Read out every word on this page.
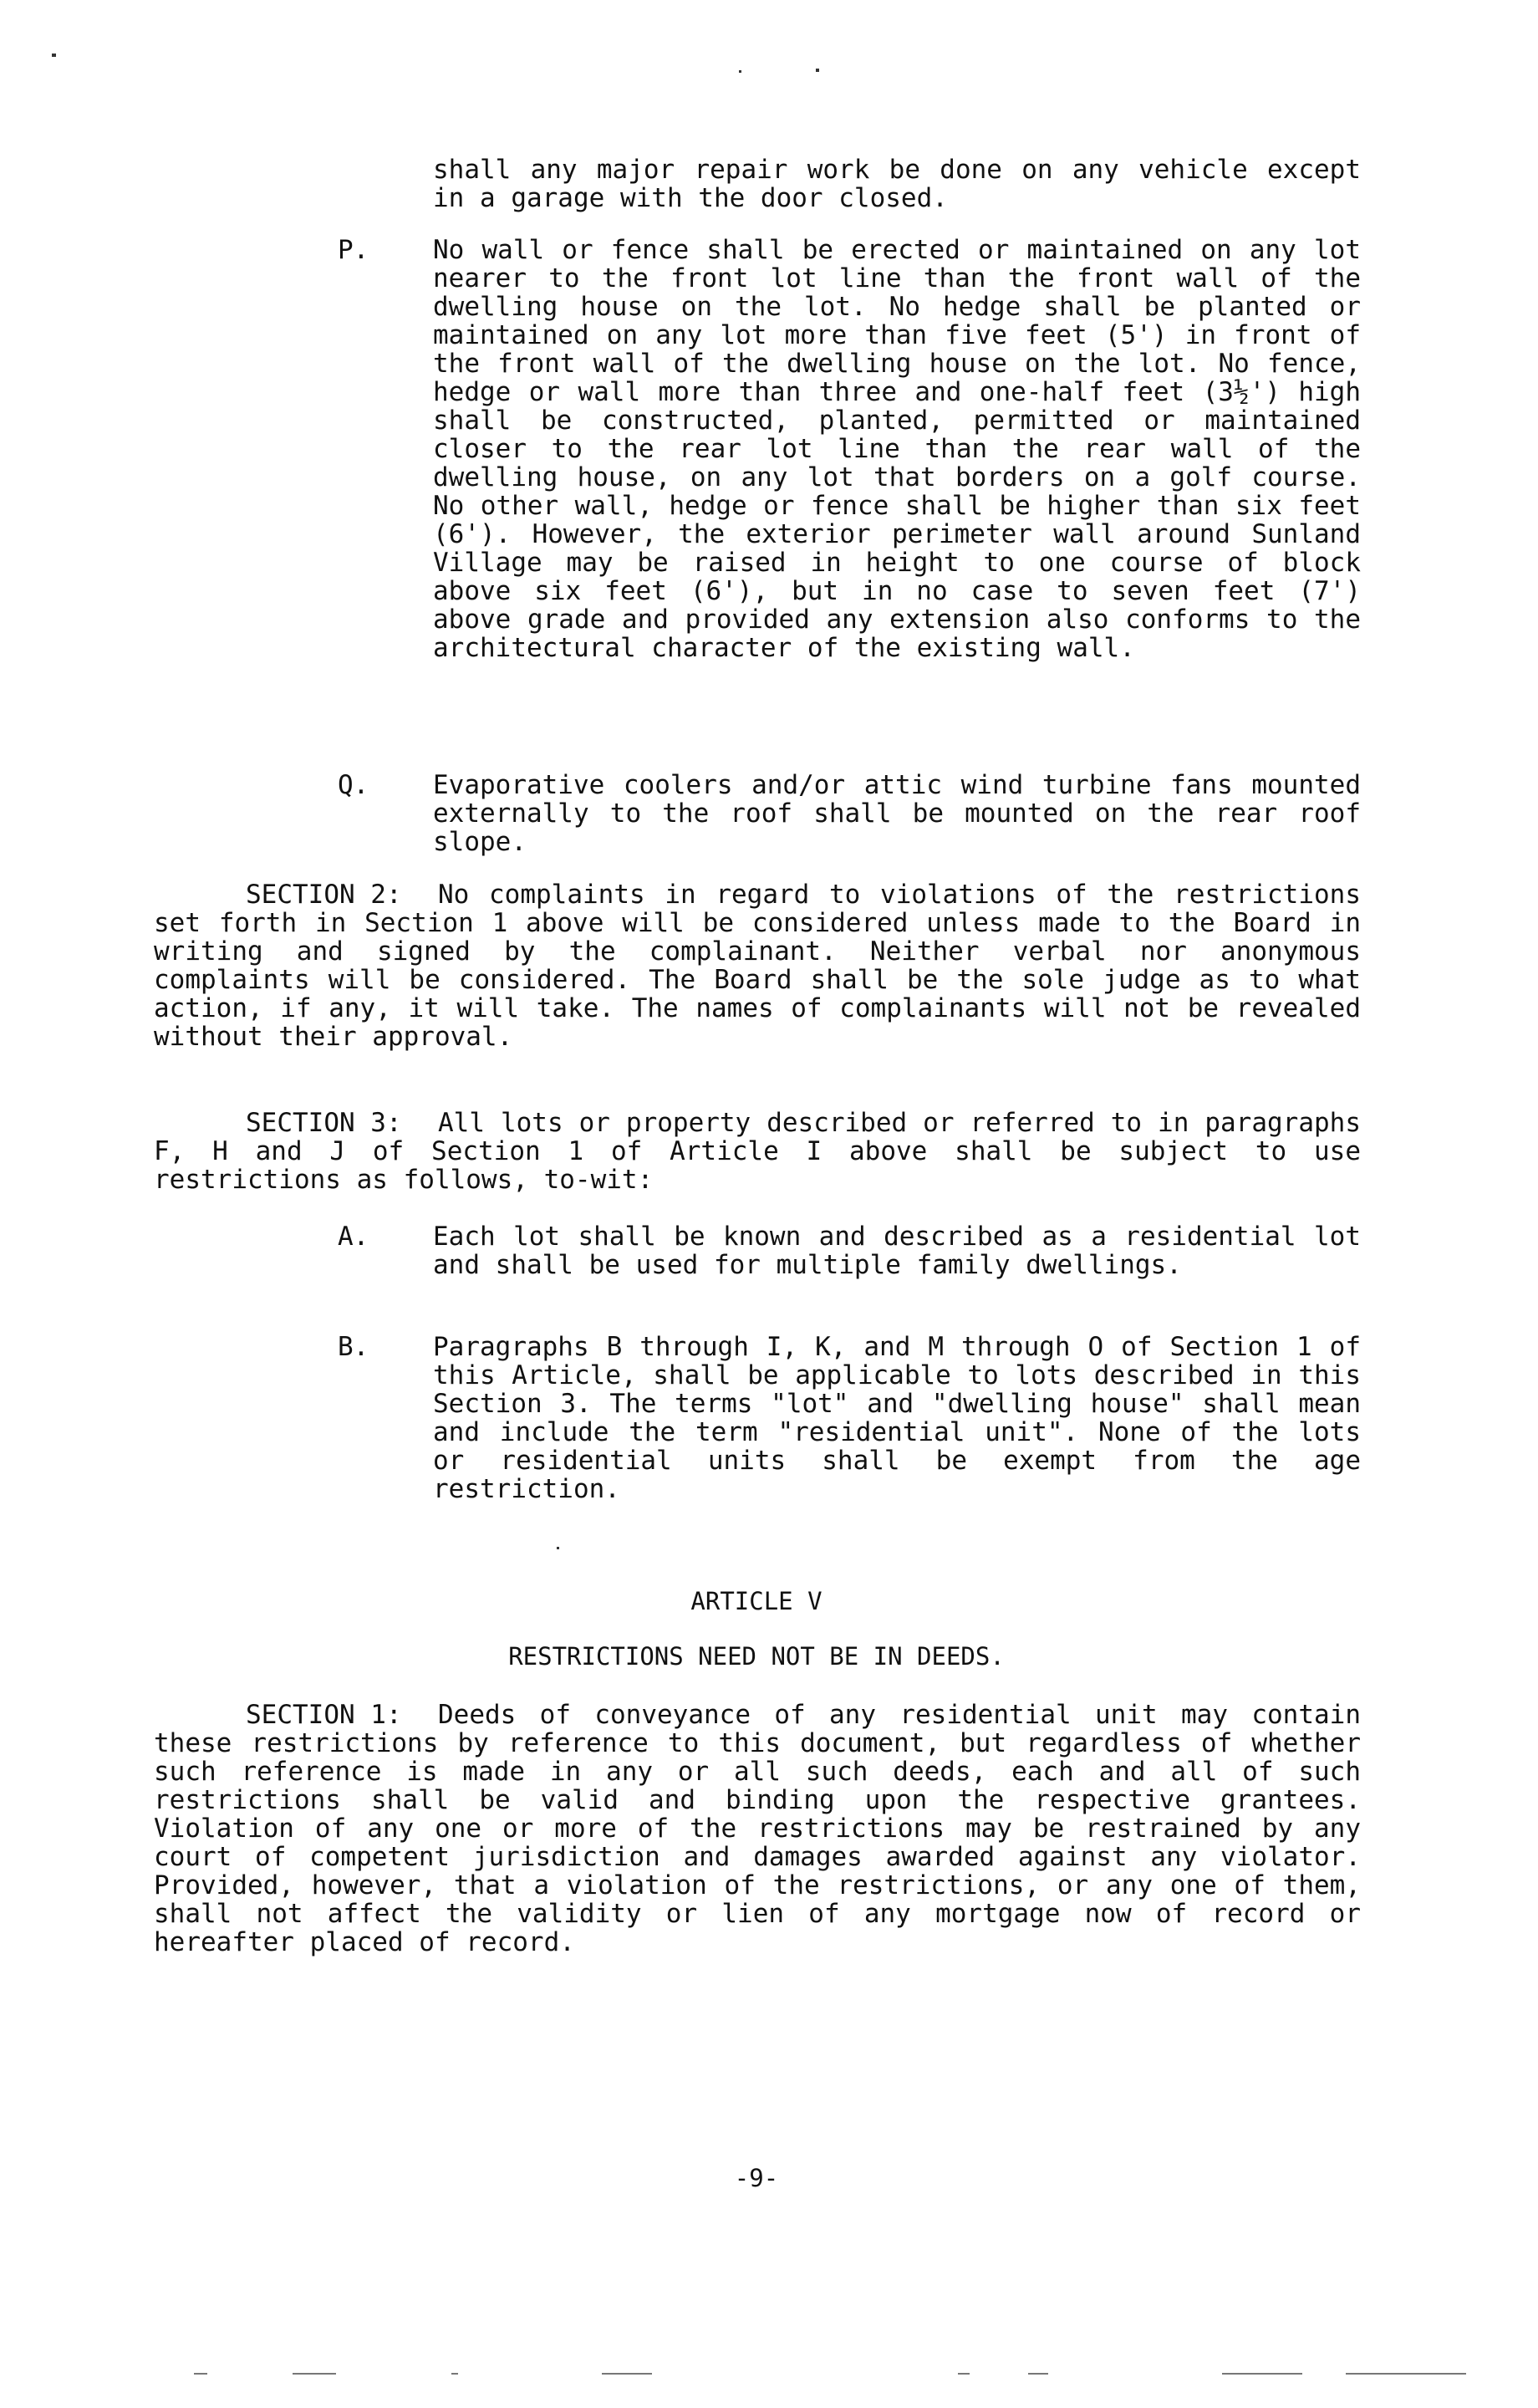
shall any major repair work be done on any vehicle except in a garage with the door closed.
P. No wall or fence shall be erected or maintained on any lot nearer to the front lot line than the front wall of the dwelling house on the lot. No hedge shall be planted or maintained on any lot more than five feet (5') in front of the front wall of the dwelling house on the lot. No fence, hedge or wall more than three and one-half feet (3½') high shall be constructed, planted, permitted or maintained closer to the rear lot line than the rear wall of the dwelling house, on any lot that borders on a golf course. No other wall, hedge or fence shall be higher than six feet (6'). However, the exterior perimeter wall around Sunland Village may be raised in height to one course of block above six feet (6'), but in no case to seven feet (7') above grade and provided any extension also conforms to the architectural character of the existing wall.
Q. Evaporative coolers and/or attic wind turbine fans mounted externally to the roof shall be mounted on the rear roof slope.
SECTION 2: No complaints in regard to violations of the restrictions set forth in Section 1 above will be considered unless made to the Board in writing and signed by the complainant. Neither verbal nor anonymous complaints will be considered. The Board shall be the sole judge as to what action, if any, it will take. The names of complainants will not be revealed without their approval.
SECTION 3: All lots or property described or referred to in paragraphs F, H and J of Section 1 of Article I above shall be subject to use restrictions as follows, to-wit:
A. Each lot shall be known and described as a residential lot and shall be used for multiple family dwellings.
B. Paragraphs B through I, K, and M through O of Section 1 of this Article, shall be applicable to lots described in this Section 3. The terms "lot" and "dwelling house" shall mean and include the term "residential unit". None of the lots or residential units shall be exempt from the age restriction.
ARTICLE V
RESTRICTIONS NEED NOT BE IN DEEDS.
SECTION 1: Deeds of conveyance of any residential unit may contain these restrictions by reference to this document, but regardless of whether such reference is made in any or all such deeds, each and all of such restrictions shall be valid and binding upon the respective grantees. Violation of any one or more of the restrictions may be restrained by any court of competent jurisdiction and damages awarded against any violator. Provided, however, that a violation of the restrictions, or any one of them, shall not affect the validity or lien of any mortgage now of record or hereafter placed of record.
-9-
